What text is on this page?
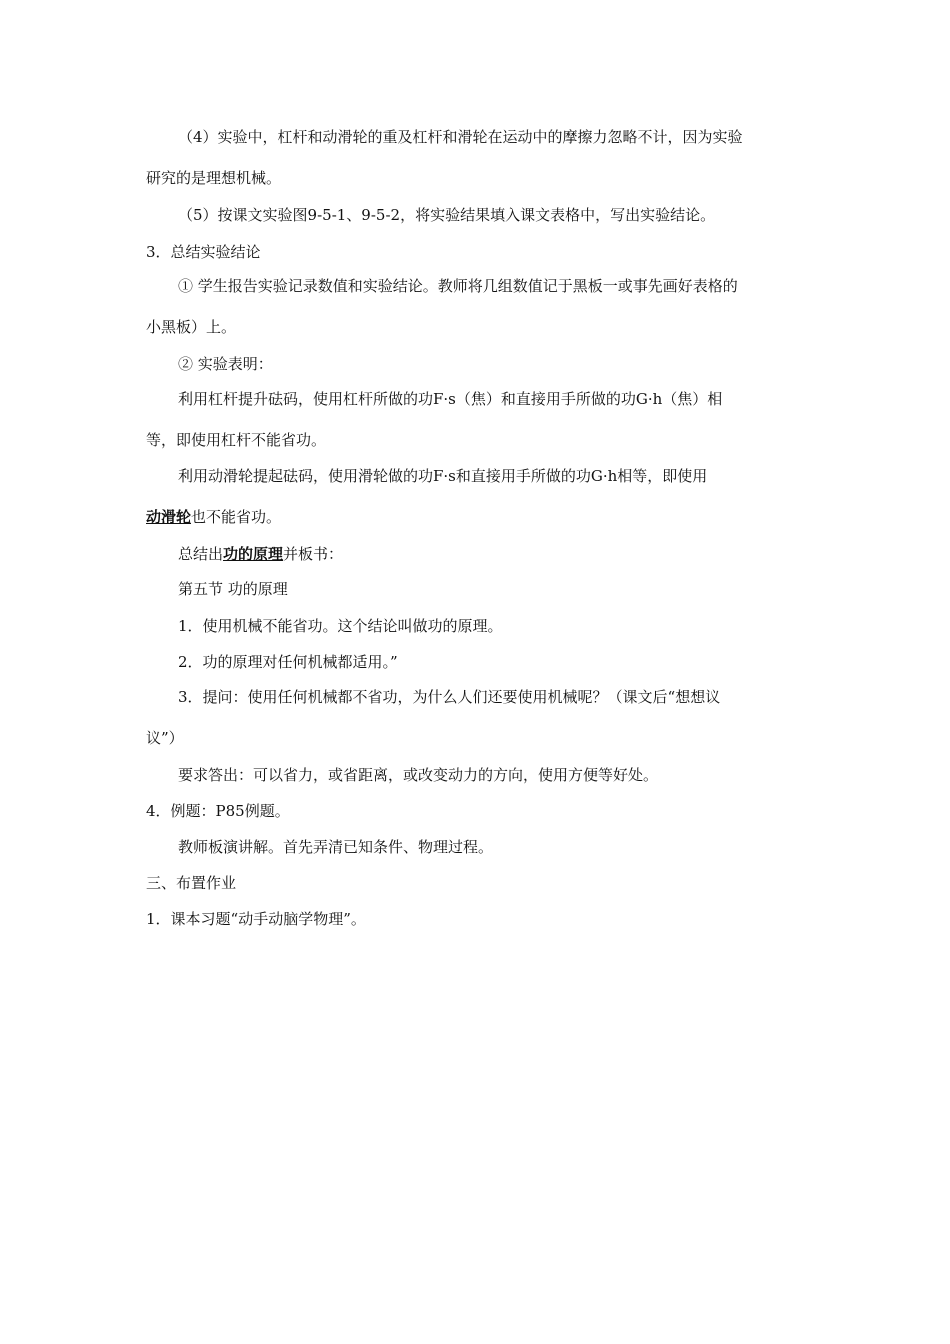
（4）实验中，杠杆和动滑轮的重及杠杆和滑轮在运动中的摩擦力忽略不计，因为实验
研究的是理想机械。
（5）按课文实验图9-5-1、9-5-2，将实验结果填入课文表格中，写出实验结论。
3．总结实验结论
① 学生报告实验记录数值和实验结论。教师将几组数值记于黑板一或事先画好表格的
小黑板）上。
② 实验表明：
利用杠杆提升砝码，使用杠杆所做的功F·s（焦）和直接用手所做的功G·h（焦）相
等，即使用杠杆不能省功。
利用动滑轮提起砝码，使用滑轮做的功F·s和直接用手所做的功G·h相等，即使用
动滑轮也不能省功。
总结出功的原理并板书：
第五节 功的原理
1．使用机械不能省功。这个结论叫做功的原理。
2．功的原理对任何机械都适用。”
3．提问：使用任何机械都不省功，为什么人们还要使用机械呢？（课文后“想想议
议”）
要求答出：可以省力，或省距离，或改变动力的方向，使用方便等好处。
4．例题：P85例题。
教师板演讲解。首先弄清已知条件、物理过程。
三、布置作业
1．课本习题“动手动脑学物理”。
